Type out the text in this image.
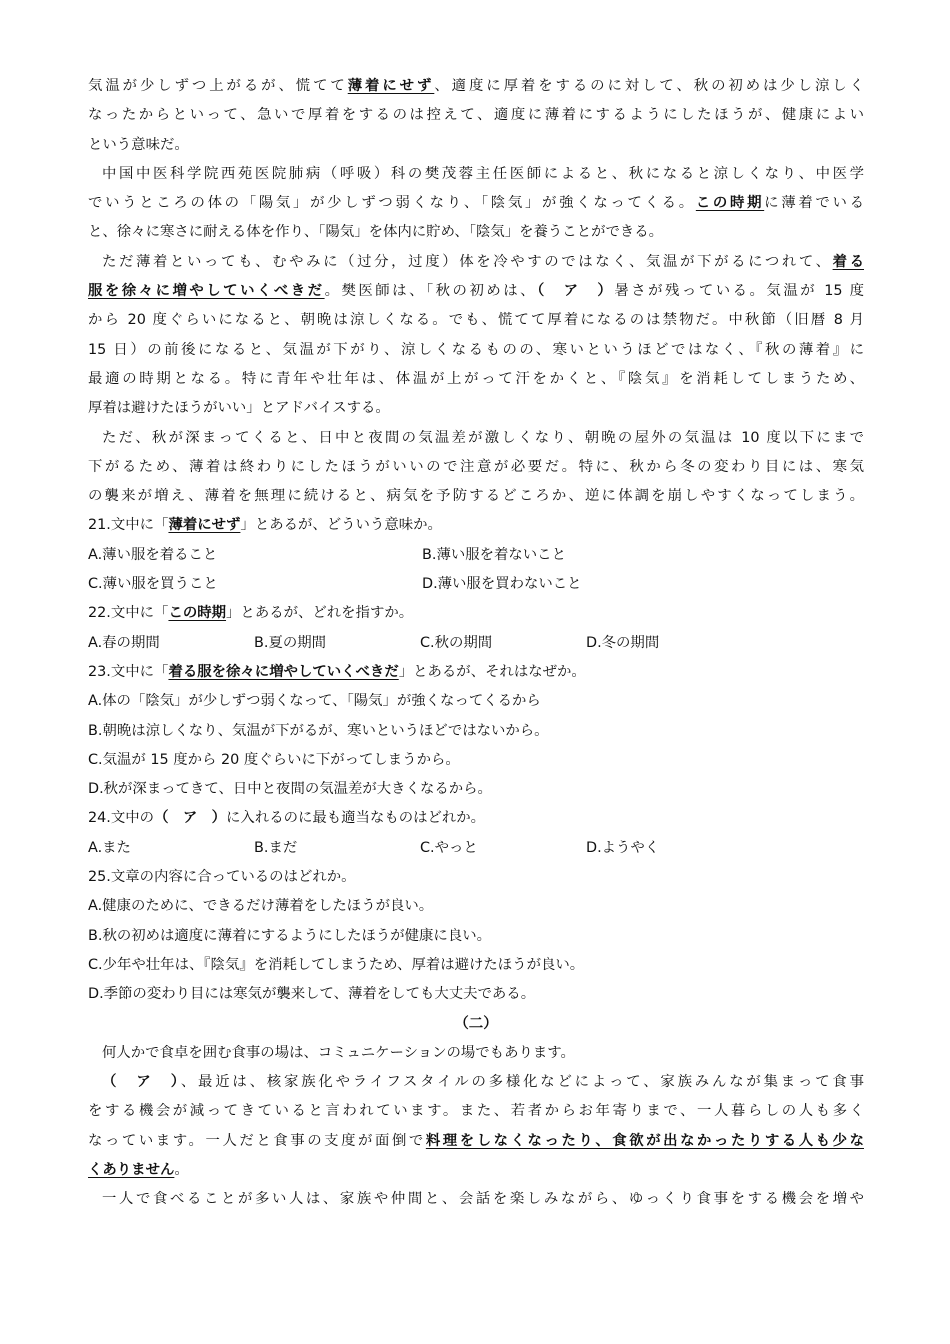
気温が少しずつ上がるが、慌てて薄着にせず、適度に厚着をするのに対して、秋の初めは少し涼しく
なったからといって、急いで厚着をするのは控えて、適度に薄着にするようにしたほうが、健康によい
という意味だ。
中国中医科学院西苑医院肺病（呼吸）科の樊茂蓉主任医師によると、秋になると涼しくなり、中医学
でいうところの体の「陽気」が少しずつ弱くなり、「陰気」が強くなってくる。この時期に薄着でいる
と、徐々に寒さに耐える体を作り、「陽気」を体内に貯め、「陰気」を養うことができる。
ただ薄着といっても、むやみに（过分，过度）体を冷やすのではなく、気温が下がるにつれて、着る
服を徐々に増やしていくべきだ。樊医師は、「秋の初めは、（　ア　）暑さが残っている。気温が 15 度
から 20 度ぐらいになると、朝晩は涼しくなる。でも、慌てて厚着になるのは禁物だ。中秋節（旧暦 8 月
15 日）の前後になると、気温が下がり、涼しくなるものの、寒いというほどではなく、『秋の薄着』に
最適の時期となる。特に青年や壮年は、体温が上がって汗をかくと、『陰気』を消耗してしまうため、
厚着は避けたほうがいい」とアドバイスする。
ただ、秋が深まってくると、日中と夜間の気温差が激しくなり、朝晩の屋外の気温は 10 度以下にまで
下がるため、薄着は終わりにしたほうがいいので注意が必要だ。特に、秋から冬の変わり目には、寒気
の襲来が増え、薄着を無理に続けると、病気を予防するどころか、逆に体調を崩しやすくなってしまう。
21.文中に「薄着にせず」とあるが、どういう意味か。
A.薄い服を着ること	B.薄い服を着ないこと
C.薄い服を買うこと	D.薄い服を買わないこと
22.文中に「この時期」とあるが、どれを指すか。
A.春の期間	B.夏の期間	C.秋の期間	D.冬の期間
23.文中に「着る服を徐々に増やしていくべきだ」とあるが、それはなぜか。
A.体の「陰気」が少しずつ弱くなって、「陽気」が強くなってくるから
B.朝晩は涼しくなり、気温が下がるが、寒いというほどではないから。
C.気温が 15 度から 20 度ぐらいに下がってしまうから。
D.秋が深まってきて、日中と夜間の気温差が大きくなるから。
24.文中の（　ア　）に入れるのに最も適当なものはどれか。
A.また	B.まだ	C.やっと	D.ようやく
25.文章の内容に合っているのはどれか。
A.健康のために、できるだけ薄着をしたほうが良い。
B.秋の初めは適度に薄着にするようにしたほうが健康に良い。
C.少年や壮年は、『陰気』を消耗してしまうため、厚着は避けたほうが良い。
D.季節の変わり目には寒気が襲来して、薄着をしても大丈夫である。
（二）
何人かで食卓を囲む食事の場は、コミュニケーションの場でもあります。
（　ア　）、最近は、核家族化やライフスタイルの多様化などによって、家族みんなが集まって食事
をする機会が減ってきていると言われています。また、若者からお年寄りまで、一人暮らしの人も多く
なっています。一人だと食事の支度が面倒で料理をしなくなったり、食欲が出なかったりする人も少な
くありません。
一人で食べることが多い人は、家族や仲間と、会話を楽しみながら、ゆっくり食事をする機会を増や
